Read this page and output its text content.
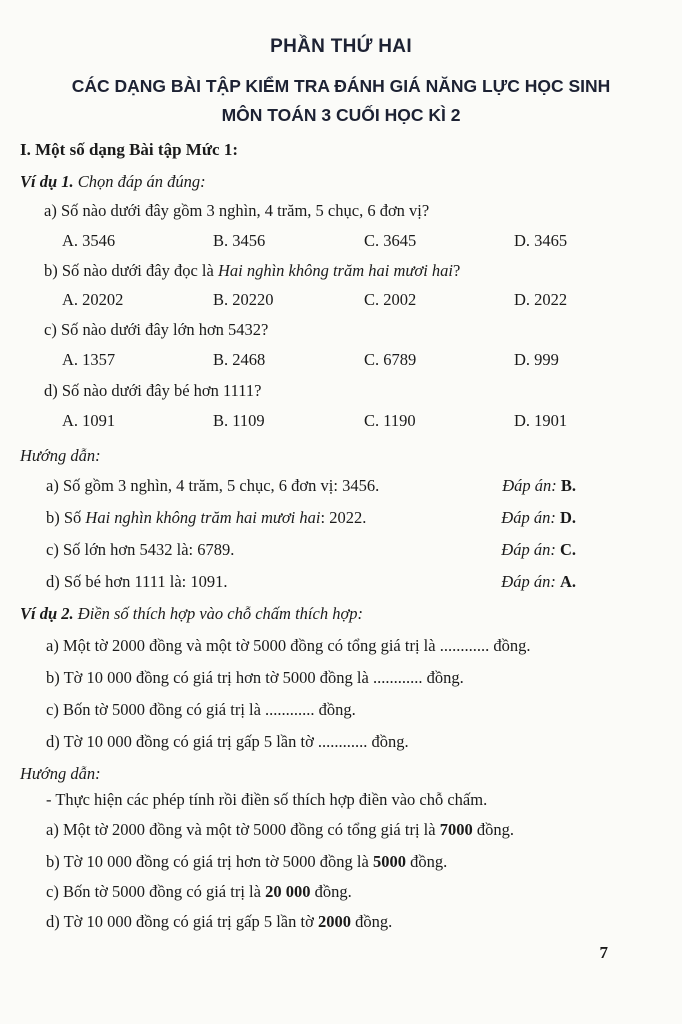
PHẦN THỨ HAI
CÁC DẠNG BÀI TẬP KIỂM TRA ĐÁNH GIÁ NĂNG LỰC HỌC SINH
MÔN TOÁN 3 CUỐI HỌC KÌ 2
I. Một số dạng Bài tập Mức 1:
Ví dụ 1. Chọn đáp án đúng:
a) Số nào dưới đây gồm 3 nghìn, 4 trăm, 5 chục, 6 đơn vị?
A. 3546	B. 3456	C. 3645	D. 3465
b) Số nào dưới đây đọc là Hai nghìn không trăm hai mươi hai?
A. 20202	B. 20220	C. 2002	D. 2022
c) Số nào dưới đây lớn hơn 5432?
A. 1357	B. 2468	C. 6789	D. 999
d) Số nào dưới đây bé hơn 1111?
A. 1091	B. 1109	C. 1190	D. 1901
Hướng dẫn:
a) Số gồm 3 nghìn, 4 trăm, 5 chục, 6 đơn vị: 3456.	Đáp án: B.
b) Số Hai nghìn không trăm hai mươi hai: 2022.	Đáp án: D.
c) Số lớn hơn 5432 là: 6789.	Đáp án: C.
d) Số bé hơn 1111 là: 1091.	Đáp án: A.
Ví dụ 2. Điền số thích hợp vào chỗ chấm thích hợp:
a) Một tờ 2000 đồng và một tờ 5000 đồng có tổng giá trị là ............ đồng.
b) Tờ 10 000 đồng có giá trị hơn tờ 5000 đồng là ............ đồng.
c) Bốn tờ 5000 đồng có giá trị là ............ đồng.
d) Tờ 10 000 đồng có giá trị gấp 5 lần tờ ............ đồng.
Hướng dẫn:
- Thực hiện các phép tính rồi điền số thích hợp điền vào chỗ chấm.
a) Một tờ 2000 đồng và một tờ 5000 đồng có tổng giá trị là 7000 đồng.
b) Tờ 10 000 đồng có giá trị hơn tờ 5000 đồng là 5000 đồng.
c) Bốn tờ 5000 đồng có giá trị là 20 000 đồng.
d) Tờ 10 000 đồng có giá trị gấp 5 lần tờ 2000 đồng.
7
